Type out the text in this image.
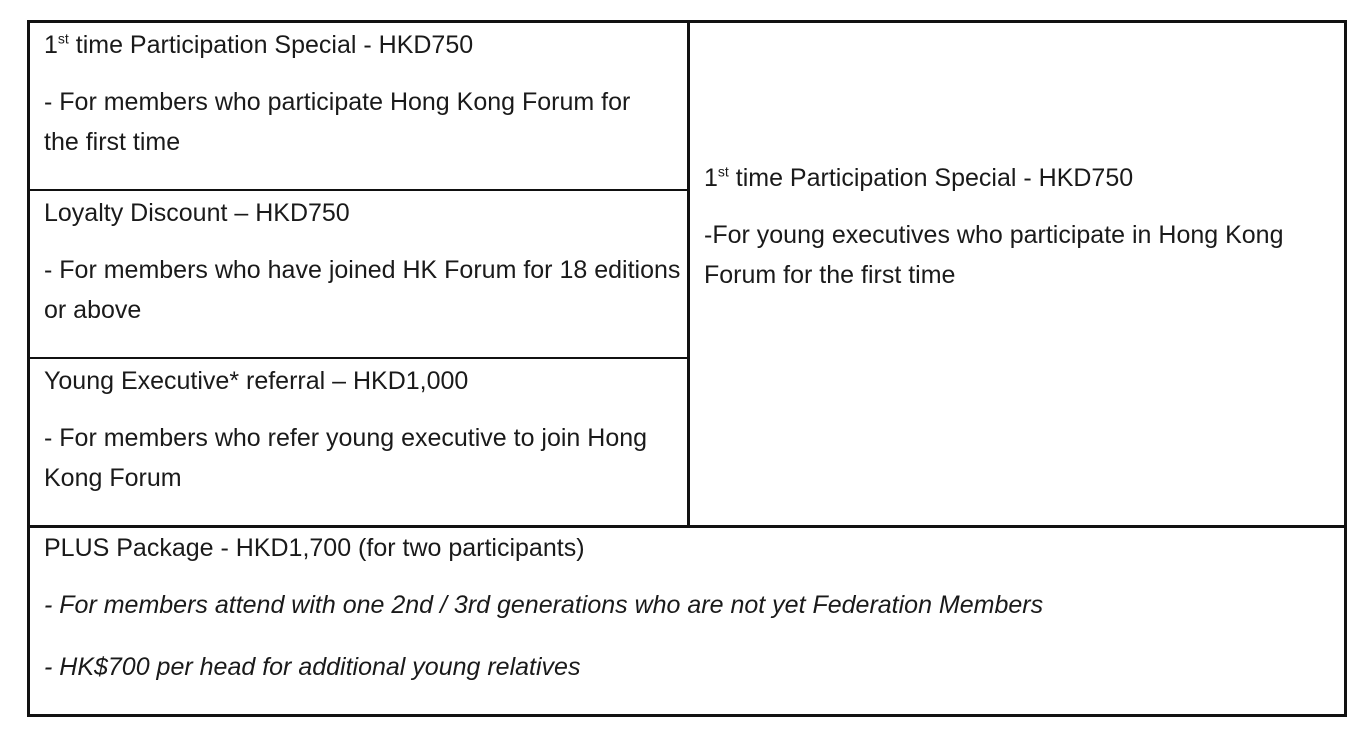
1st time Participation Special - HKD750

- For members who participate Hong Kong Forum for the first time

Loyalty Discount – HKD750

- For members who have joined HK Forum for 18 editions or above

Young Executive* referral – HKD1,000

- For members who refer young executive to join Hong Kong Forum

1st time Participation Special - HKD750

-For young executives who participate in Hong Kong Forum for the first time

PLUS Package - HKD1,700 (for two participants)

- For members attend with one 2nd / 3rd generations who are not yet Federation Members

- HK$700 per head for additional young relatives
